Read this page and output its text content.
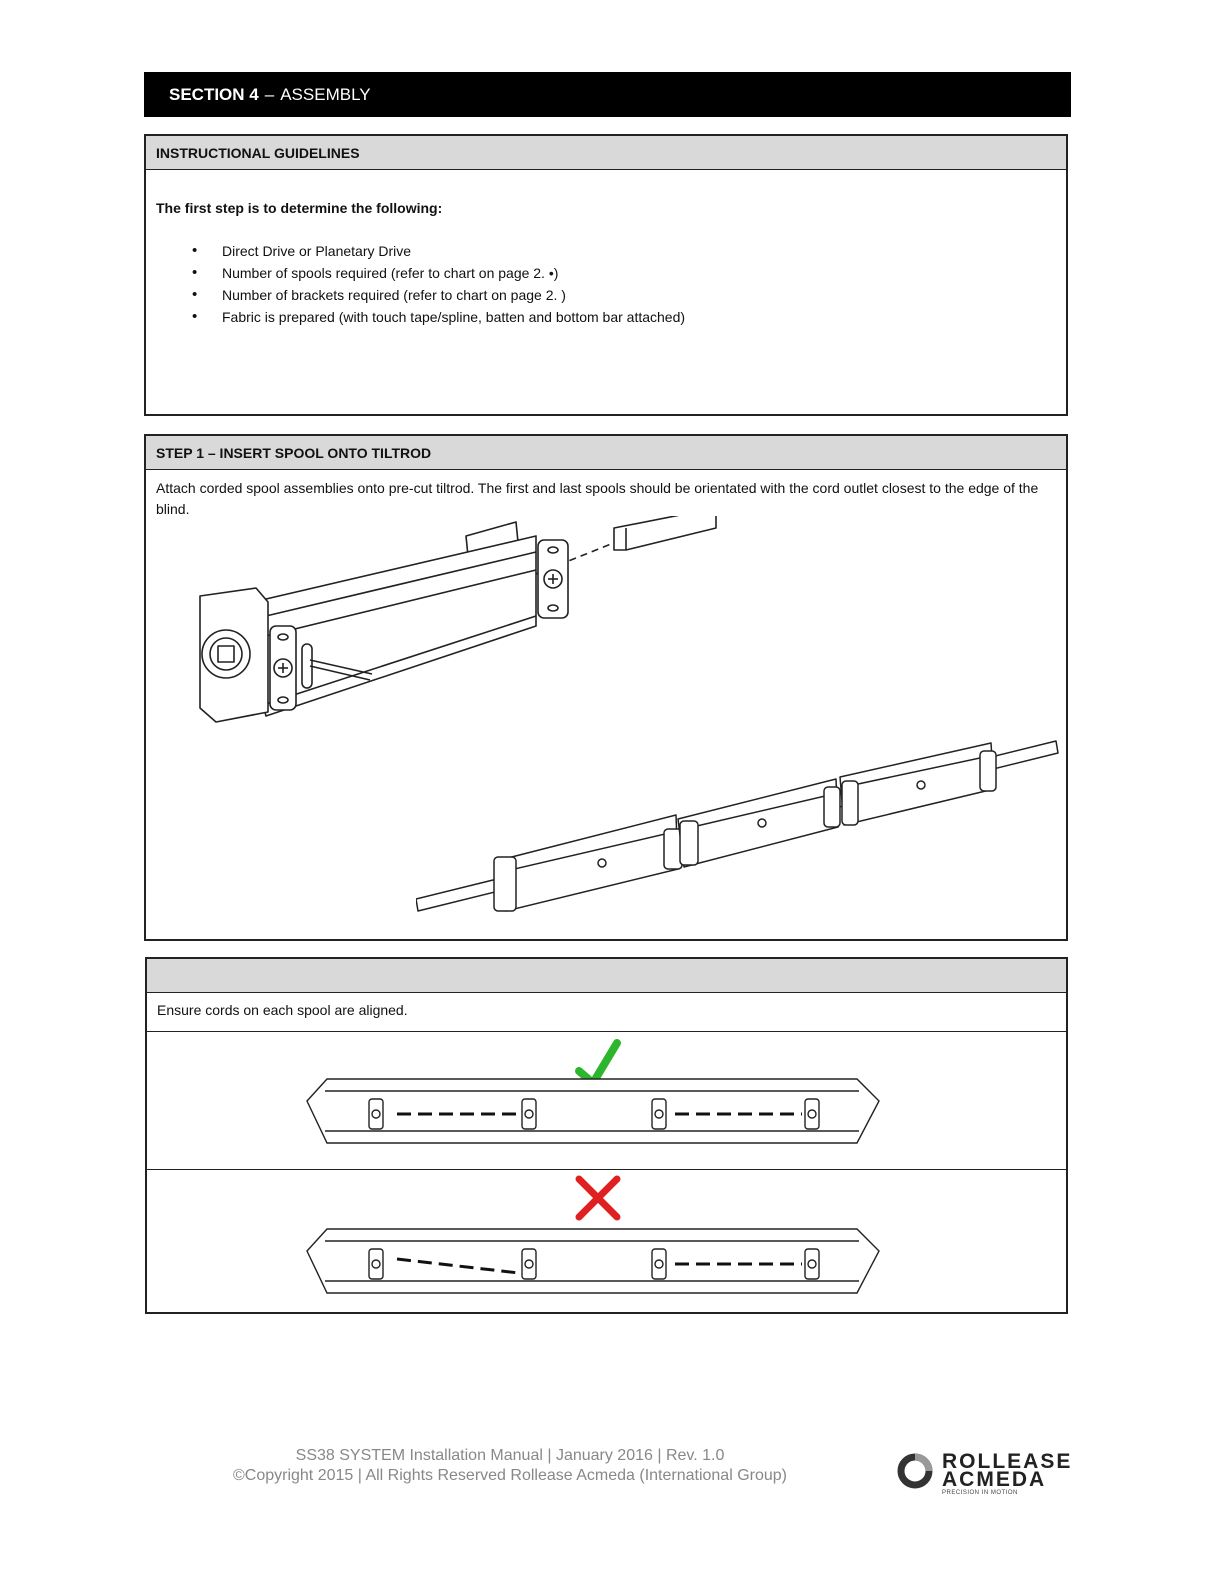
SECTION 4 – ASSEMBLY
INSTRUCTIONAL GUIDELINES
The first step is to determine the following:
• Direct Drive or Planetary Drive
• Number of spools required (refer to chart on page 2. •)
• Number of brackets required (refer to chart on page 2. )
• Fabric is prepared (with touch tape/spline, batten and bottom bar attached)
STEP 1 – INSERT SPOOL ONTO TILTROD
Attach corded spool assemblies onto pre-cut tiltrod. The first and last spools should be orientated with the cord outlet closest to the edge of the blind.
Ensure cords on each spool are aligned.
SS38 SYSTEM Installation Manual | January 2016 | Rev. 1.0
©Copyright 2015 | All Rights Reserved Rollease Acmeda (International Group)
ROLLEASE
ACMEDA
PRECISION IN MOTION
